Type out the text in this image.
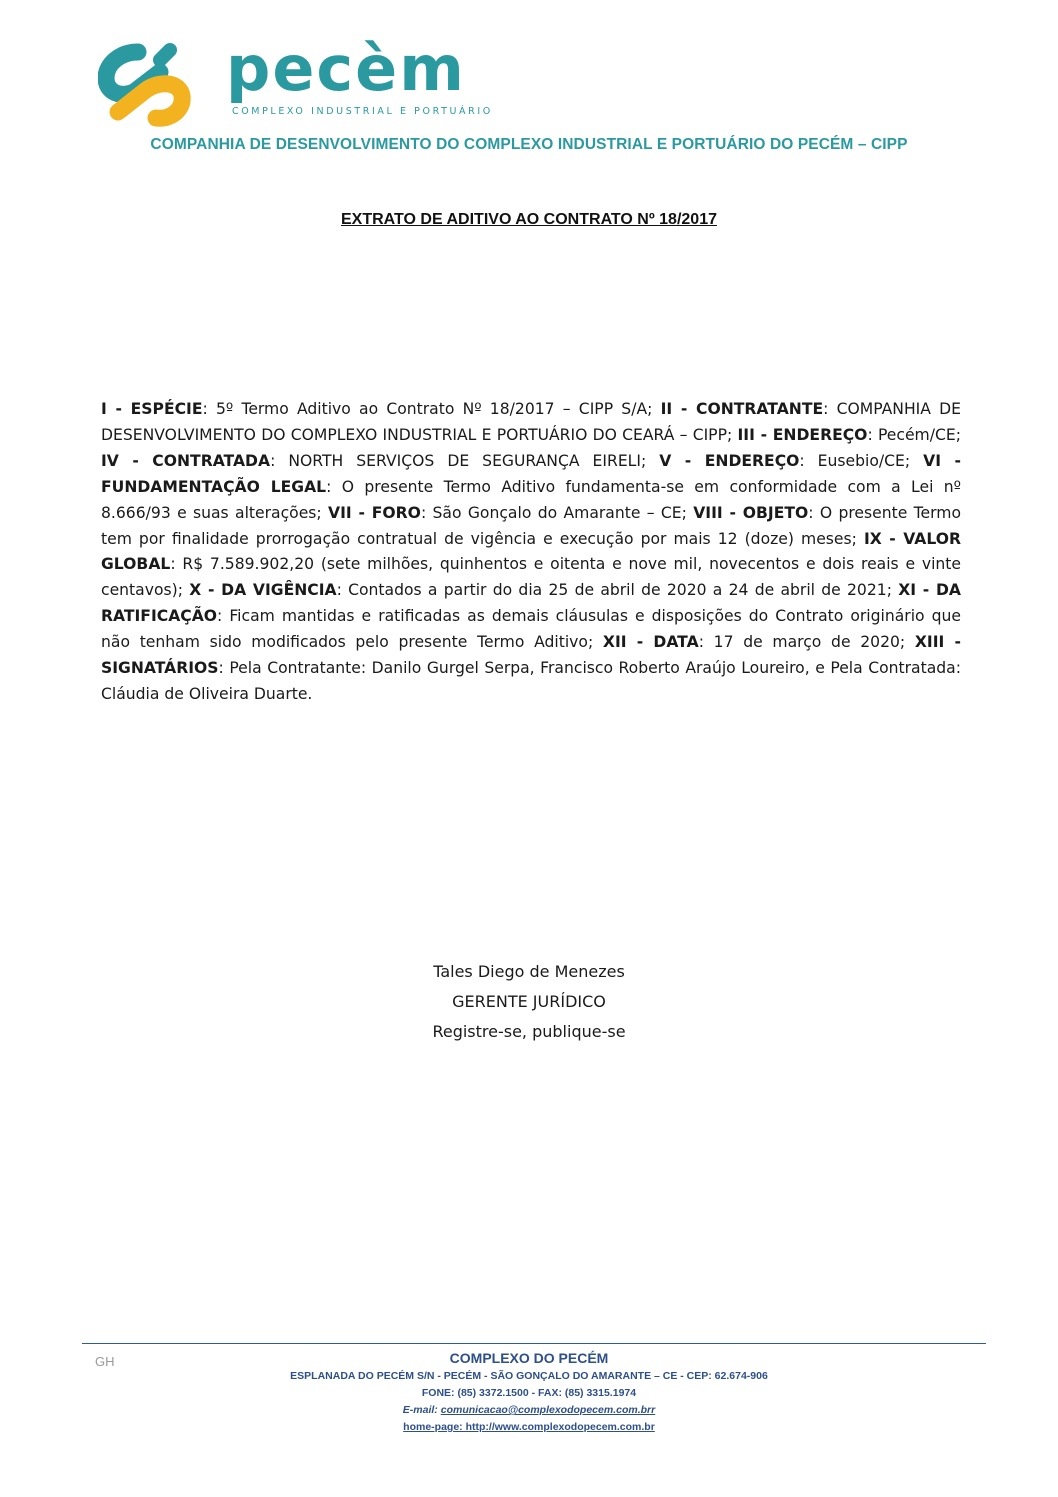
pecèm
COMPLEXO INDUSTRIAL E PORTUÁRIO
COMPANHIA DE DESENVOLVIMENTO DO COMPLEXO INDUSTRIAL E PORTUÁRIO DO PECÉM – CIPP
EXTRATO DE ADITIVO AO CONTRATO Nº 18/2017
I - ESPÉCIE: 5º Termo Aditivo ao Contrato Nº 18/2017 – CIPP S/A; II - CONTRATANTE: COMPANHIA DE DESENVOLVIMENTO DO COMPLEXO INDUSTRIAL E PORTUÁRIO DO CEARÁ – CIPP; III - ENDEREÇO: Pecém/CE; IV - CONTRATADA: NORTH SERVIÇOS DE SEGURANÇA EIRELI; V - ENDEREÇO: Eusebio/CE; VI - FUNDAMENTAÇÃO LEGAL: O presente Termo Aditivo fundamenta-se em conformidade com a Lei nº 8.666/93 e suas alterações; VII - FORO: São Gonçalo do Amarante – CE; VIII - OBJETO: O presente Termo tem por finalidade prorrogação contratual de vigência e execução por mais 12 (doze) meses; IX - VALOR GLOBAL: R$ 7.589.902,20 (sete milhões, quinhentos e oitenta e nove mil, novecentos e dois reais e vinte centavos); X - DA VIGÊNCIA: Contados a partir do dia 25 de abril de 2020 a 24 de abril de 2021; XI - DA RATIFICAÇÃO: Ficam mantidas e ratificadas as demais cláusulas e disposições do Contrato originário que não tenham sido modificados pelo presente Termo Aditivo; XII - DATA: 17 de março de 2020; XIII - SIGNATÁRIOS: Pela Contratante: Danilo Gurgel Serpa, Francisco Roberto Araújo Loureiro, e Pela Contratada: Cláudia de Oliveira Duarte.
Tales Diego de Menezes
GERENTE JURÍDICO
Registre-se, publique-se
GH	COMPLEXO DO PECÉM
ESPLANADA DO PECÉM S/N - PECÉM - SÃO GONÇALO DO AMARANTE – CE - CEP: 62.674-906
FONE: (85) 3372.1500 - FAX: (85) 3315.1974
E-mail: comunicacao@complexodopecem.com.brr
home-page: http://www.complexodopecem.com.br
